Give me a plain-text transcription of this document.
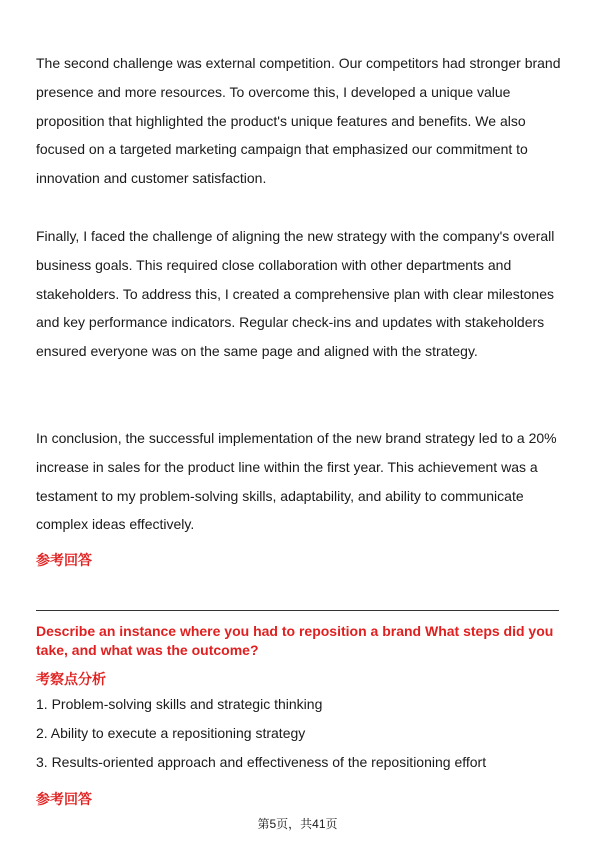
The second challenge was external competition. Our competitors had stronger brand presence and more resources. To overcome this, I developed a unique value proposition that highlighted the product's unique features and benefits. We also focused on a targeted marketing campaign that emphasized our commitment to innovation and customer satisfaction.

Finally, I faced the challenge of aligning the new strategy with the company's overall business goals. This required close collaboration with other departments and stakeholders. To address this, I created a comprehensive plan with clear milestones and key performance indicators. Regular check-ins and updates with stakeholders ensured everyone was on the same page and aligned with the strategy.

In conclusion, the successful implementation of the new brand strategy led to a 20% increase in sales for the product line within the first year. This achievement was a testament to my problem-solving skills, adaptability, and ability to communicate complex ideas effectively.

参考回答

Describe an instance where you had to reposition a brand What steps did you take, and what was the outcome?

考察点分析

1. Problem-solving skills and strategic thinking
2. Ability to execute a repositioning strategy
3. Results-oriented approach and effectiveness of the repositioning effort

参考回答

第5页，共41页
